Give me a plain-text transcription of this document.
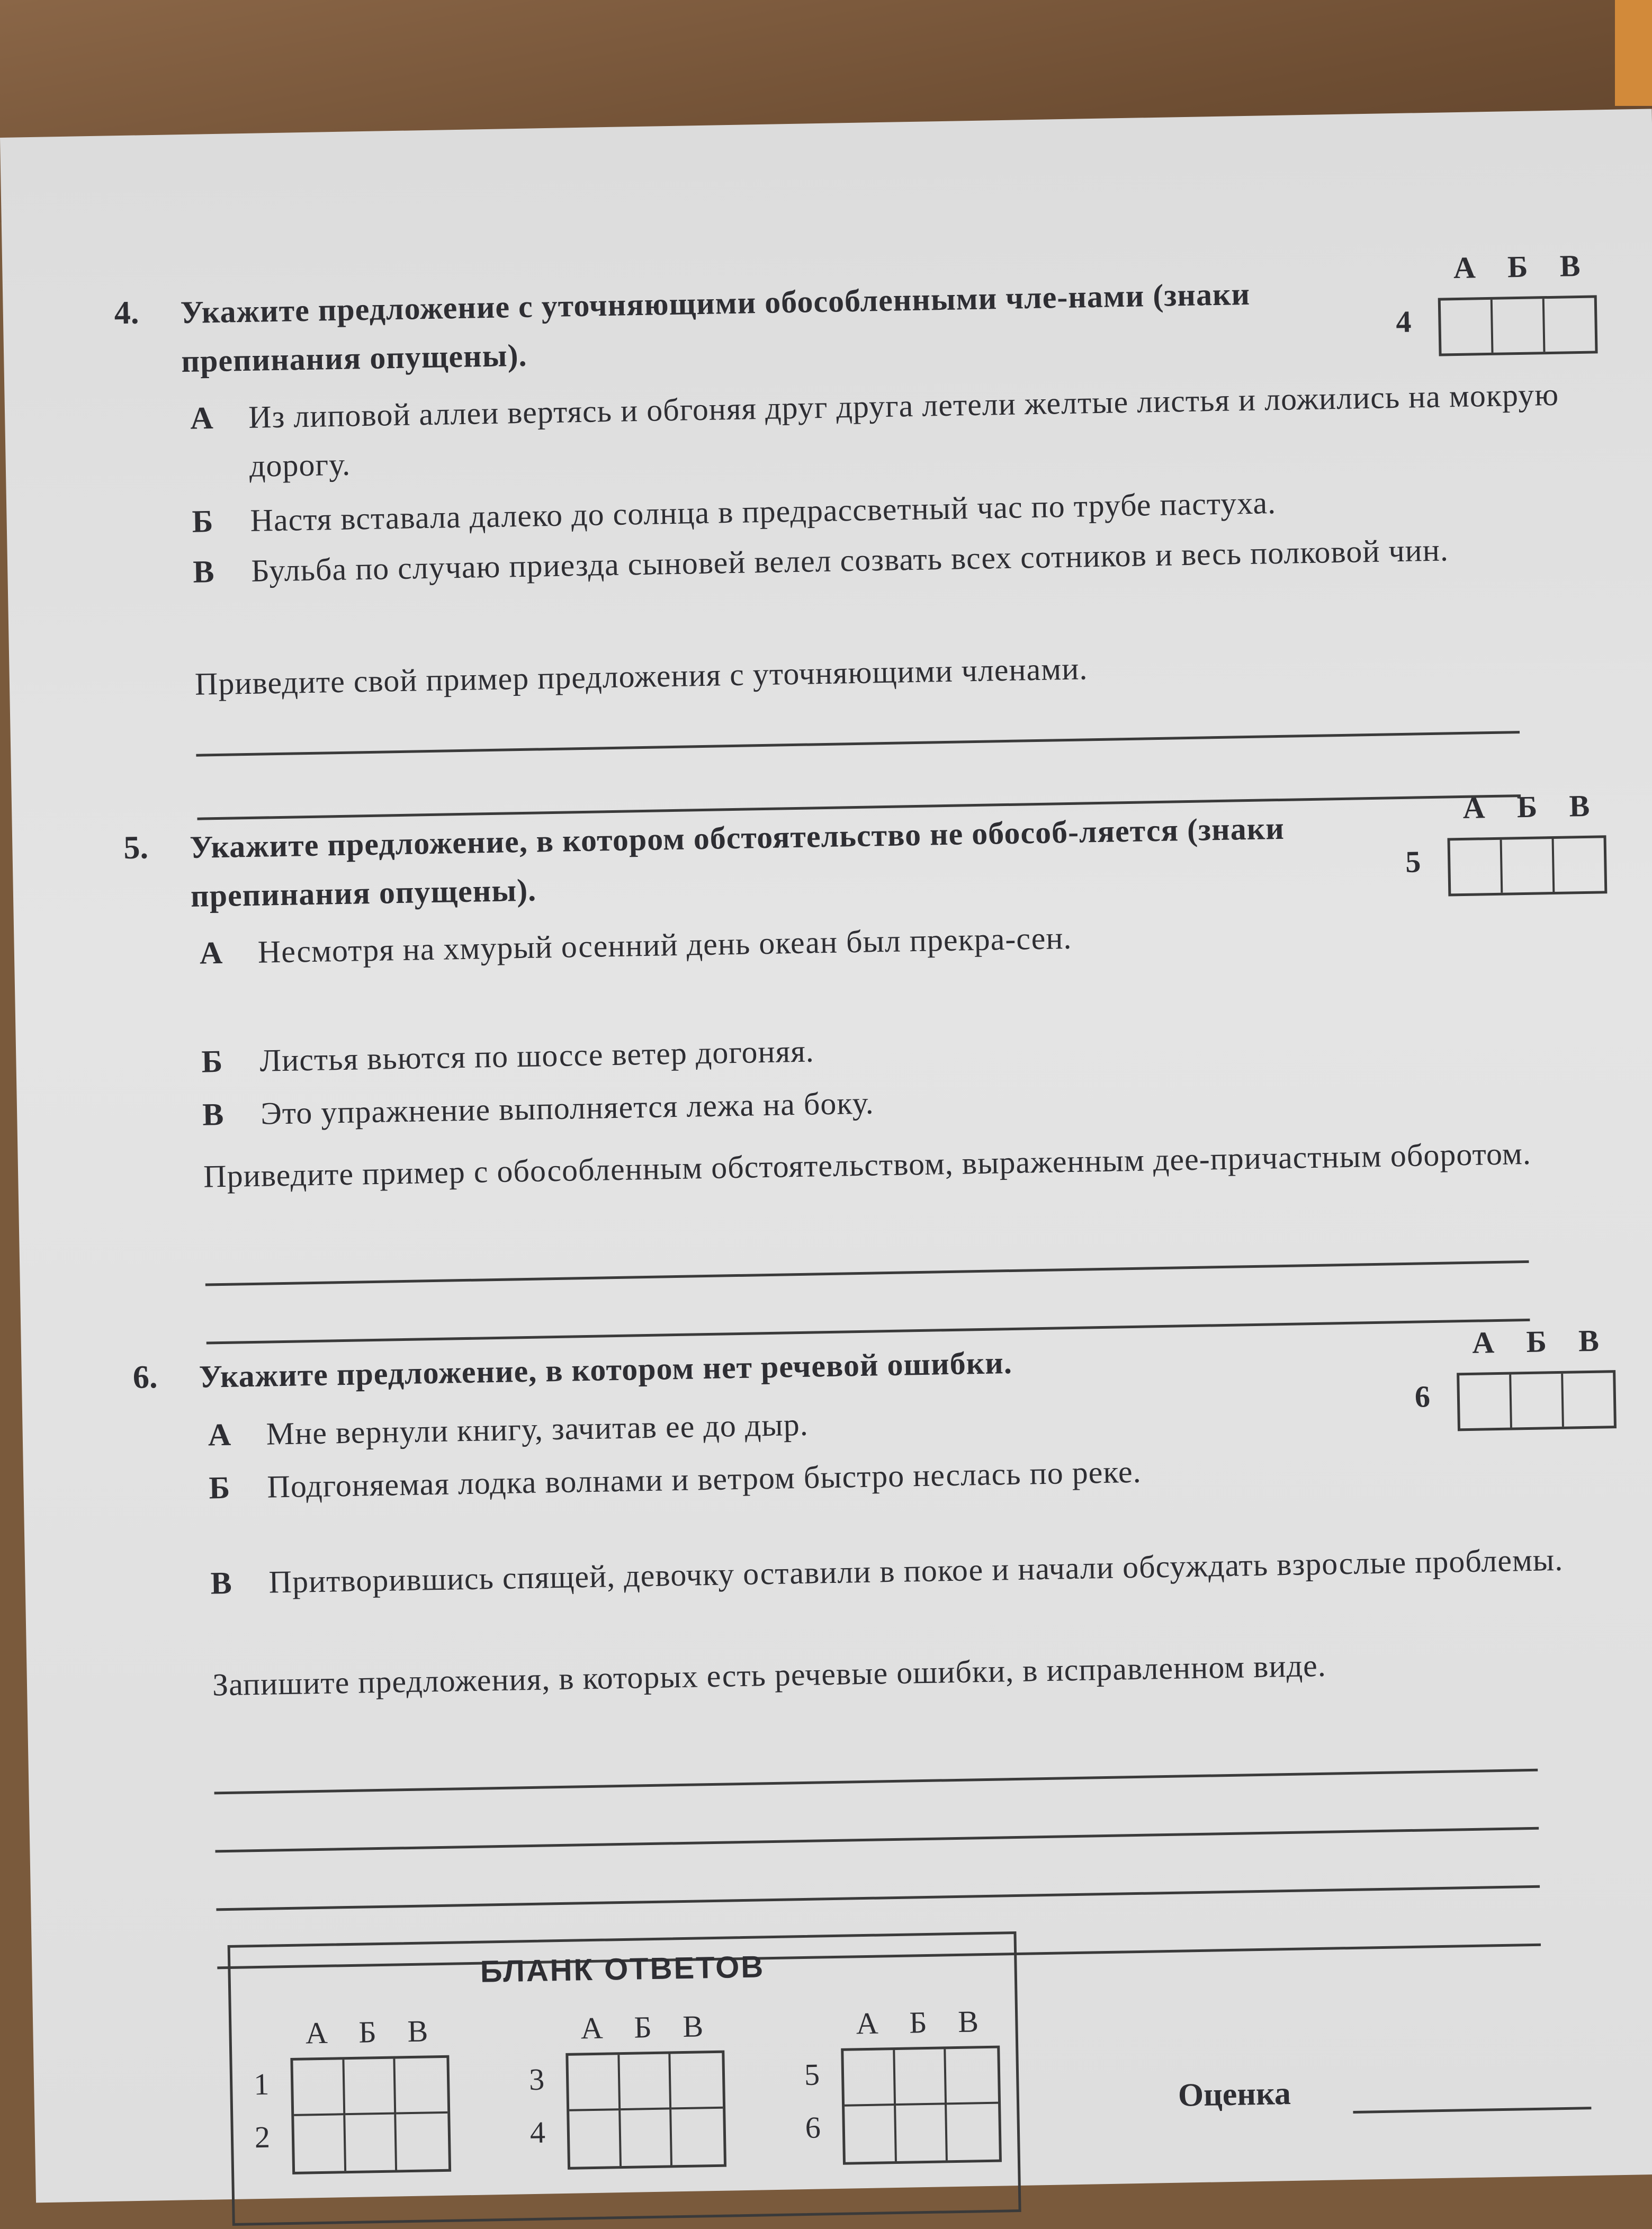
4. Укажите предложение с уточняющими обособленными чле-нами (знаки препинания опущены).
А Из липовой аллеи вертясь и обгоняя друг друга летели желтые листья и ложились на мокрую дорогу.
Б Настя вставала далеко до солнца в предрассветный час по трубе пастуха.
В Бульба по случаю приезда сыновей велел созвать всех сотников и весь полковой чин.
Приведите свой пример предложения с уточняющими членами.
А Б В
4
5. Укажите предложение, в котором обстоятельство не обособ-ляется (знаки препинания опущены).
А Несмотря на хмурый осенний день океан был прекра-сен.
Б Листья вьются по шоссе ветер догоняя.
В Это упражнение выполняется лежа на боку.
Приведите пример с обособленным обстоятельством, выраженным дее-причастным оборотом.
А Б В
5
6. Укажите предложение, в котором нет речевой ошибки.
А Мне вернули книгу, зачитав ее до дыр.
Б Подгоняемая лодка волнами и ветром быстро неслась по реке.
В Притворившись спящей, девочку оставили в покое и начали обсуждать взрослые проблемы.
Запишите предложения, в которых есть речевые ошибки, в исправленном виде.
А Б В
6
БЛАНК ОТВЕТОВ
А Б В
1
2
А Б В
3
4
А Б В
5
6
Оценка
